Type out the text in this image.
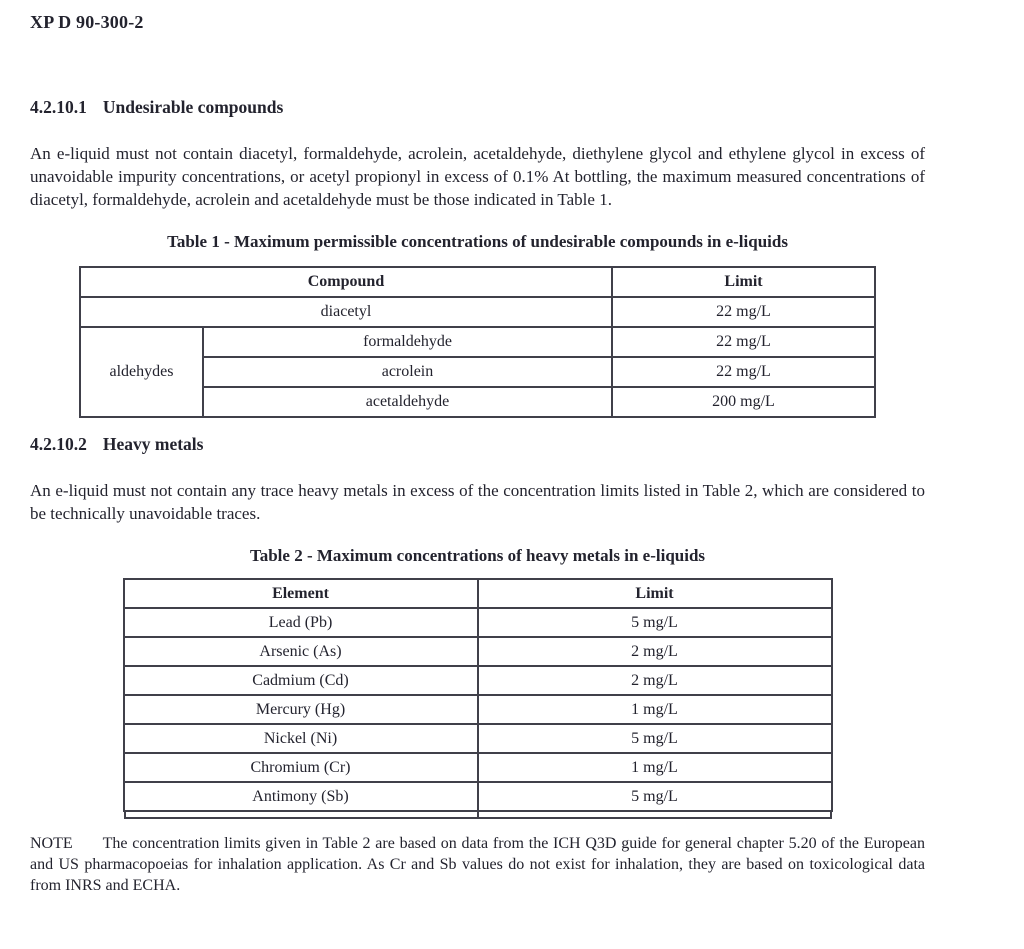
XP D 90-300-2
4.2.10.1 Undesirable compounds

An e-liquid must not contain diacetyl, formaldehyde, acrolein, acetaldehyde, diethylene glycol and ethylene glycol in excess of unavoidable impurity concentrations, or acetyl propionyl in excess of 0.1% At bottling, the maximum measured concentrations of diacetyl, formaldehyde, acrolein and acetaldehyde must be those indicated in Table 1.

Table 1 - Maximum permissible concentrations of undesirable compounds in e-liquids
Compound		Limit
diacetyl		22 mg/L
aldehydes	formaldehyde	22 mg/L
	acrolein	22 mg/L
	acetaldehyde	200 mg/L
4.2.10.2 Heavy metals

An e-liquid must not contain any trace heavy metals in excess of the concentration limits listed in Table 2, which are considered to be technically unavoidable traces.

Table 2 - Maximum concentrations of heavy metals in e-liquids
Element	Limit
Lead (Pb)	5 mg/L
Arsenic (As)	2 mg/L
Cadmium (Cd)	2 mg/L
Mercury (Hg)	1 mg/L
Nickel (Ni)	5 mg/L
Chromium (Cr)	1 mg/L
Antimony (Sb)	5 mg/L

NOTE The concentration limits given in Table 2 are based on data from the ICH Q3D guide for general chapter 5.20 of the European and US pharmacopoeias for inhalation application. As Cr and Sb values do not exist for inhalation, they are based on toxicological data from INRS and ECHA.
